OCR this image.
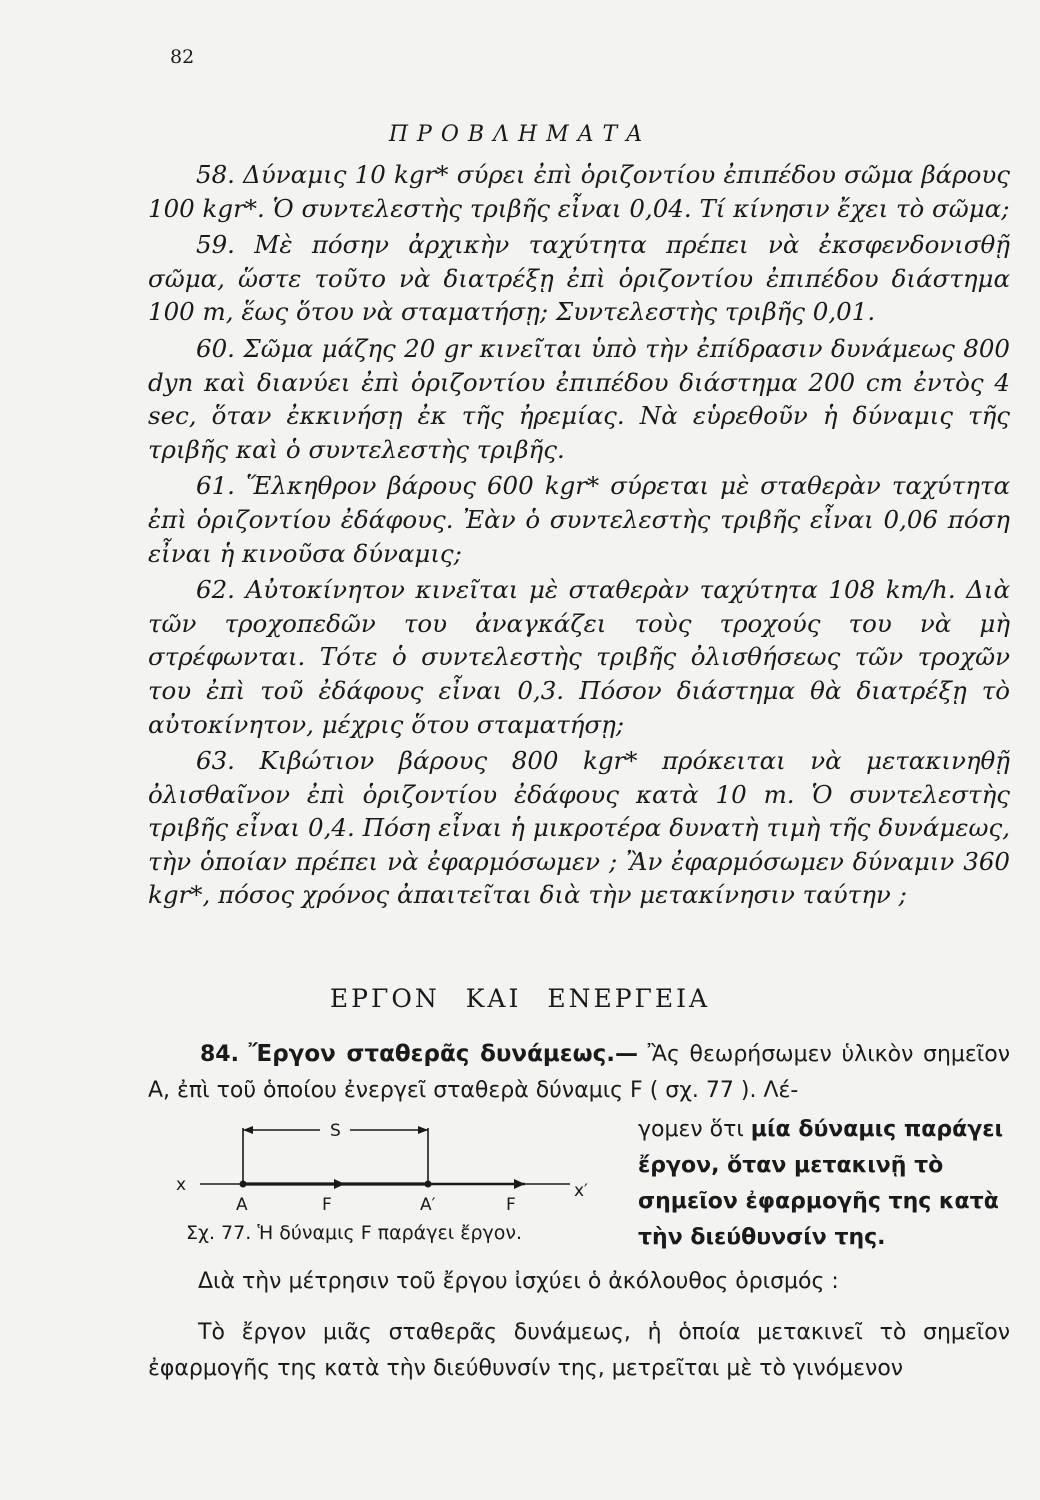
82
ΠΡΟΒΛΗΜΑΤΑ

58. Δύναμις 10 kgr* σύρει ἐπὶ ὁριζοντίου ἐπιπέδου σῶμα βάρους 100 kgr*. Ὁ συντελεστὴς τριβῆς εἶναι 0,04. Τί κίνησιν ἔχει τὸ σῶμα;

59. Μὲ πόσην ἀρχικὴν ταχύτητα πρέπει νὰ ἐκσφενδονισθῇ σῶμα, ὥστε τοῦτο νὰ διατρέξῃ ἐπὶ ὁριζοντίου ἐπιπέδου διάστημα 100 m, ἕως ὅτου νὰ σταματήσῃ; Συντελεστὴς τριβῆς 0,01.

60. Σῶμα μάζης 20 gr κινεῖται ὑπὸ τὴν ἐπίδρασιν δυνάμεως 800 dyn καὶ διανύει ἐπὶ ὁριζοντίου ἐπιπέδου διάστημα 200 cm ἐντὸς 4 sec, ὅταν ἐκκινήσῃ ἐκ τῆς ἠρεμίας. Νὰ εὑρεθοῦν ἡ δύναμις τῆς τριβῆς καὶ ὁ συντελεστὴς τριβῆς.

61. Ἕλκηθρον βάρους 600 kgr* σύρεται μὲ σταθερὰν ταχύτητα ἐπὶ ὁριζοντίου ἐδάφους. Ἐὰν ὁ συντελεστὴς τριβῆς εἶναι 0,06 πόση εἶναι ἡ κινοῦσα δύναμις;

62. Αὐτοκίνητον κινεῖται μὲ σταθερὰν ταχύτητα 108 km/h. Διὰ τῶν τροχοπεδῶν του ἀναγκάζει τοὺς τροχούς του νὰ μὴ στρέφωνται. Τότε ὁ συντελεστὴς τριβῆς ὀλισθήσεως τῶν τροχῶν του ἐπὶ τοῦ ἐδάφους εἶναι 0,3. Πόσον διάστημα θὰ διατρέξῃ τὸ αὐτοκίνητον, μέχρις ὅτου σταματήσῃ;

63. Κιβώτιον βάρους 800 kgr* πρόκειται νὰ μετακινηθῇ ὀλισθαῖνον ἐπὶ ὁριζοντίου ἐδάφους κατὰ 10 m. Ὁ συντελεστὴς τριβῆς εἶναι 0,4. Πόση εἶναι ἡ μικροτέρα δυνατὴ τιμὴ τῆς δυνάμεως, τὴν ὁποίαν πρέπει νὰ ἐφαρμόσωμεν ; Ἂν ἐφαρμόσωμεν δύναμιν 360 kgr*, πόσος χρόνος ἀπαιτεῖται διὰ τὴν μετακίνησιν ταύτην ;

ΕΡΓΟΝ ΚΑΙ ΕΝΕΡΓΕΙΑ
84. Ἔργον σταθερᾶς δυνάμεως.— Ἂς θεωρήσωμεν ὑλικὸν σημεῖον Α, ἐπὶ τοῦ ὁποίου ἐνεργεῖ σταθερὰ δύναμις F ( σχ. 77 ). Λέ-
γομεν ὅτι μία δύναμις παράγει ἔργον, ὅταν μετακινῇ τὸ σημεῖον ἐφαρμογῆς της κατὰ τὴν διεύθυνσίν της.
S
x	x′
A	F	A′	F
Σχ. 77. Ἡ δύναμις F παράγει ἔργον.

Διὰ τὴν μέτρησιν τοῦ ἔργου ἰσχύει ὁ ἀκόλουθος ὁρισμός :

Τὸ ἔργον μιᾶς σταθερᾶς δυνάμεως, ἡ ὁποία μετακινεῖ τὸ σημεῖον ἐφαρμογῆς της κατὰ τὴν διεύθυνσίν της, μετρεῖται μὲ τὸ γινόμενον
